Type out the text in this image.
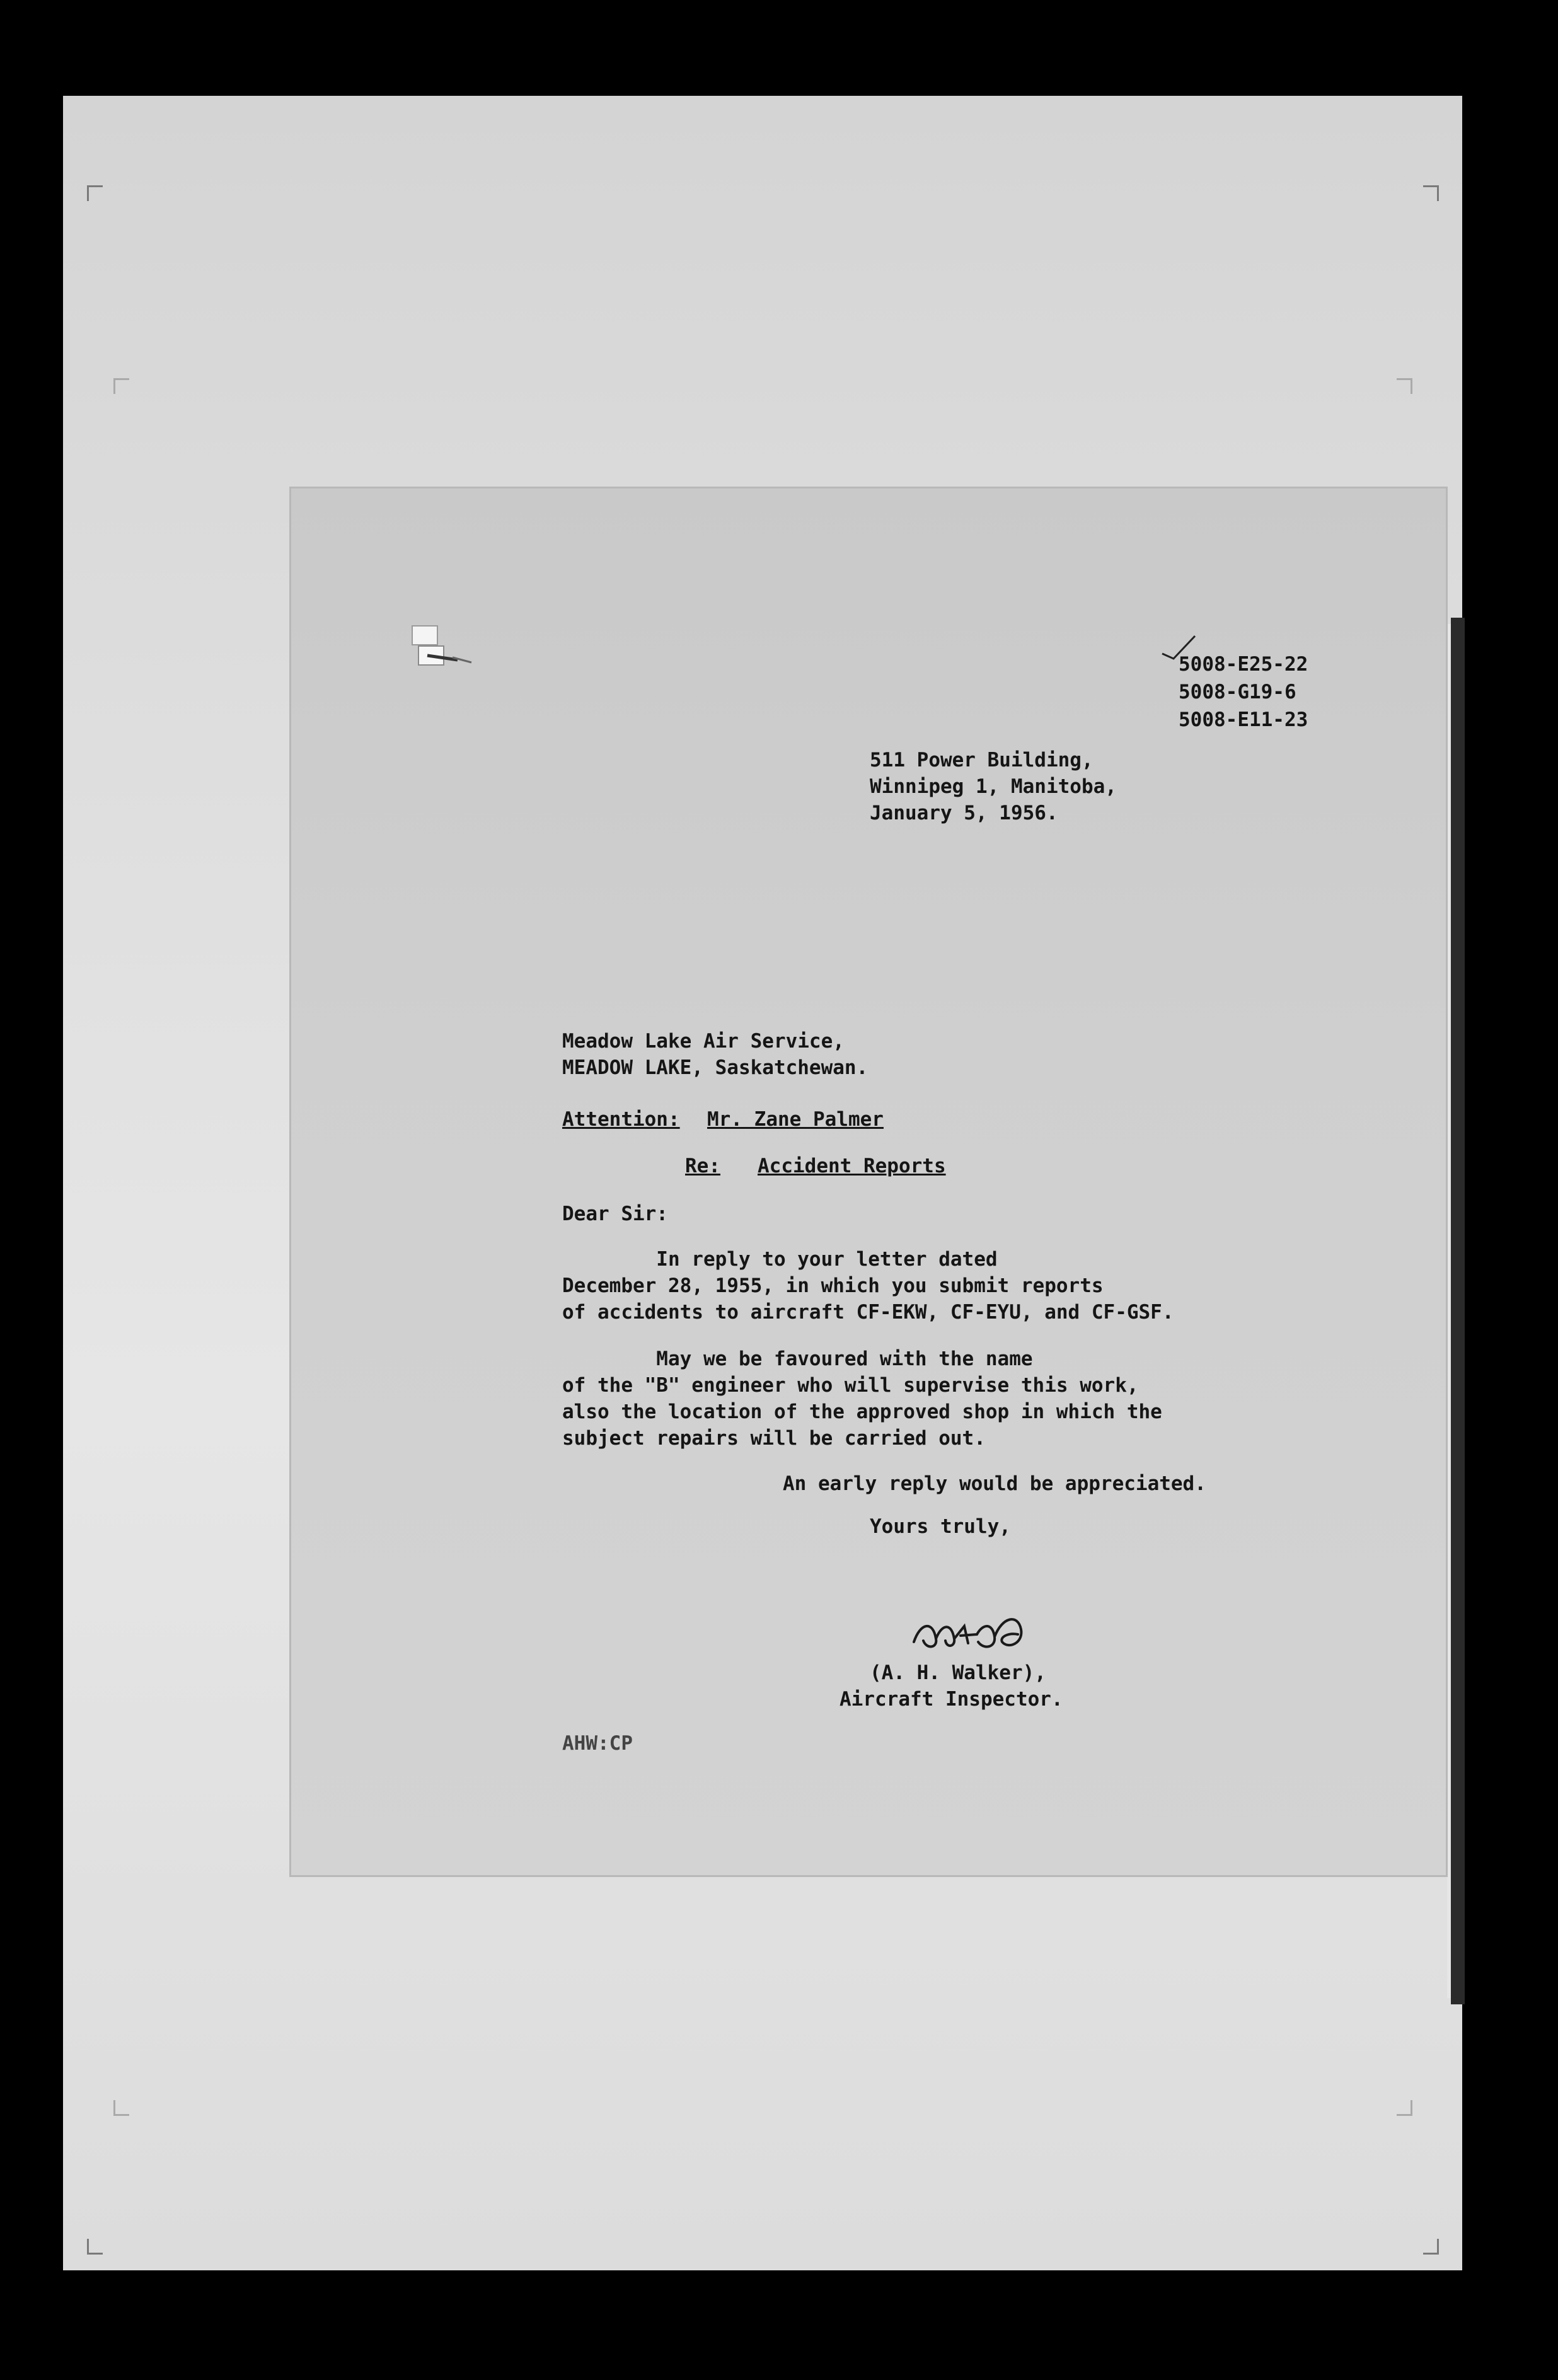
5008-E25-22

5008-G19-6

5008-E11-23

511 Power Building,

Winnipeg 1, Manitoba,

January 5, 1956.

Meadow Lake Air Service,

MEADOW LAKE, Saskatchewan.

Attention: Mr. Zane Palmer

Re: Accident Reports

Dear Sir:

In reply to your letter dated

December 28, 1955, in which you submit reports

of accidents to aircraft CF-EKW, CF-EYU, and CF-GSF.

May we be favoured with the name

of the "B" engineer who will supervise this work,

also the location of the approved shop in which the

subject repairs will be carried out.

An early reply would be appreciated.

Yours truly,

(A. H. Walker),

Aircraft Inspector.

AHW:CP
